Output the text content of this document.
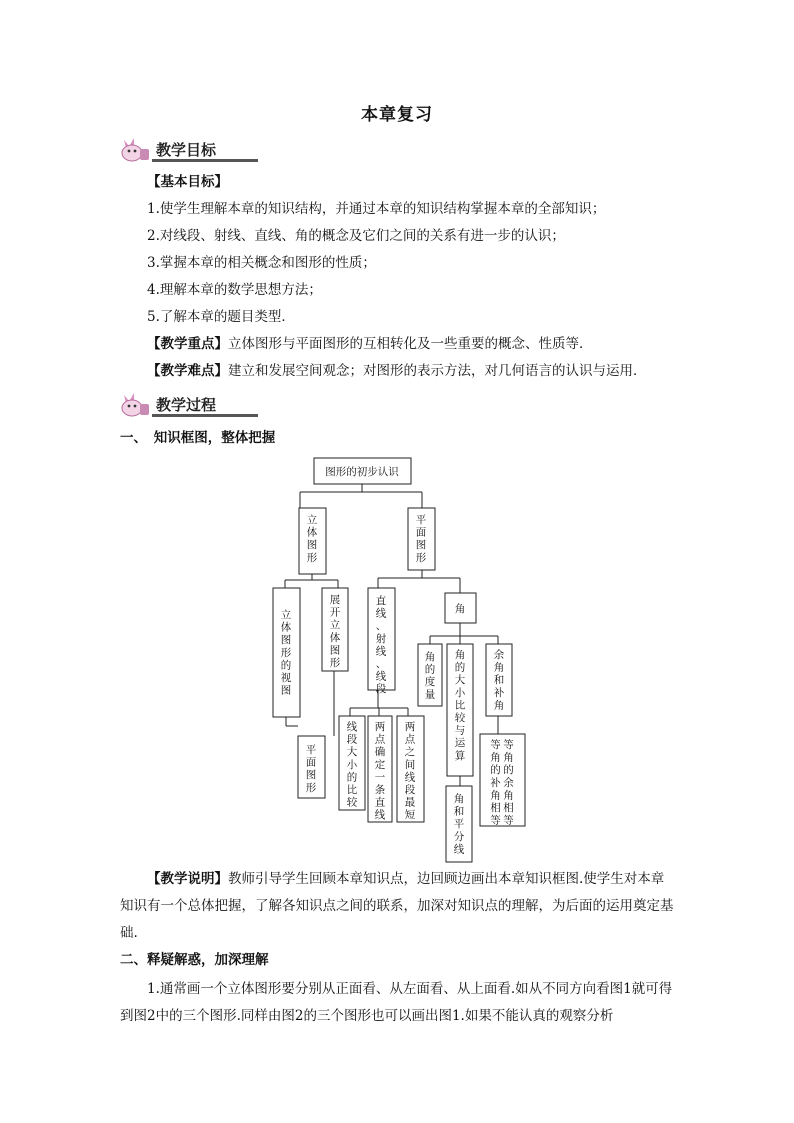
本章复习
教学目标
【基本目标】
1.使学生理解本章的知识结构，并通过本章的知识结构掌握本章的全部知识；
2.对线段、射线、直线、角的概念及它们之间的关系有进一步的认识；
3.掌握本章的相关概念和图形的性质；
4.理解本章的数学思想方法；
5.了解本章的题目类型．
【教学重点】立体图形与平面图形的互相转化及一些重要的概念、性质等．
【教学难点】建立和发展空间观念；对图形的表示方法，对几何语言的认识与运用．
教学过程
一、　知识框图，整体把握
图形的初步认识
立
体
图
形
平
面
图
形
立
体
图
形
的
视
图
展
开
立
体
图
形
平
面
图
形
直
线
、
射
线
、
线
段
角
线
段
大
小
的
比
较
两
点
确
定
一
条
直
线
两
点
之
间
线
段
最
短
角
的
度
量
角
的
大
小
比
较
与
运
算
余
角
和
补
角
角
和
平
分
线
等
角
的
余
角
相
等
等
角
的
补
角
相
等
【教学说明】教师引导学生回顾本章知识点，边回顾边画出本章知识框图.使学生对本章知识有一个总体把握，了解各知识点之间的联系，加深对知识点的理解，为后面的运用奠定基础.
二、释疑解惑，加深理解
1.通常画一个立体图形要分别从正面看、从左面看、从上面看.如从不同方向看图1就可得到图2中的三个图形.同样由图2的三个图形也可以画出图1.如果不能认真的观察分析
